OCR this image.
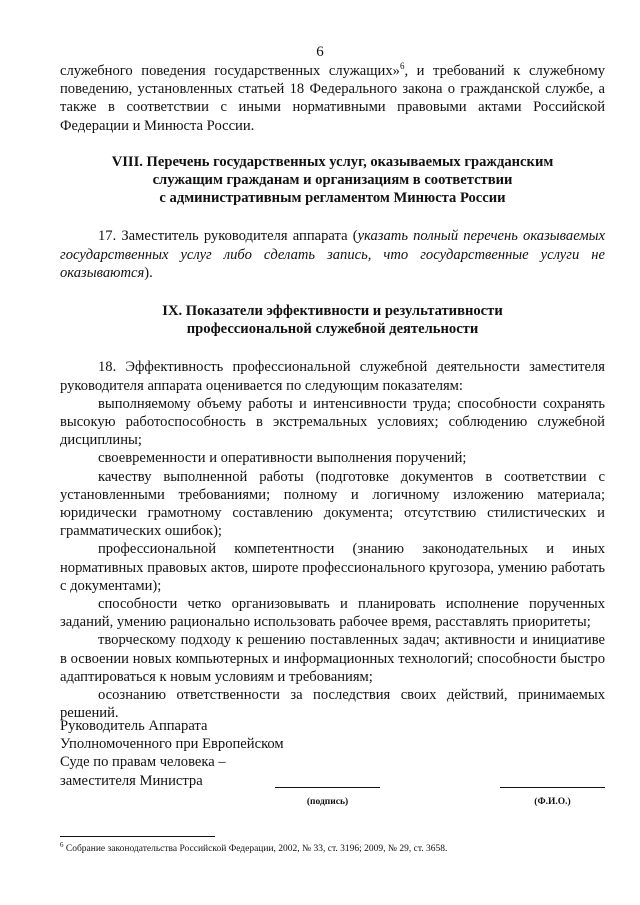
6

служебного поведения государственных служащих»$^6$, и требований к служебному поведению, установленных статьей 18 Федерального закона о гражданской службе, а также в соответствии с иными нормативными правовыми актами Российской Федерации и Минюста России.

VIII. Перечень государственных услуг, оказываемых гражданским

служащим гражданам и организациям в соответствии

с административным регламентом Минюста России

17. Заместитель руководителя аппарата (указать полный перечень оказываемых государственных услуг либо сделать запись, что государственные услуги не оказываются).

IX. Показатели эффективности и результативности

профессиональной служебной деятельности

18. Эффективность профессиональной служебной деятельности заместителя руководителя аппарата оценивается по следующим показателям:

выполняемому объему работы и интенсивности труда; способности сохранять высокую работоспособность в экстремальных условиях; соблюдению служебной дисциплины;

своевременности и оперативности выполнения поручений;

качеству выполненной работы (подготовке документов в соответствии с установленными требованиями; полному и логичному изложению материала; юридически грамотному составлению документа; отсутствию стилистических и грамматических ошибок);

профессиональной компетентности (знанию законодательных и иных нормативных правовых актов, широте профессионального кругозора, умению работать с документами);

способности четко организовывать и планировать исполнение порученных заданий, умению рационально использовать рабочее время, расставлять приоритеты;

творческому подходу к решению поставленных задач; активности и инициативе в освоении новых компьютерных и информационных технологий; способности быстро адаптироваться к новым условиям и требованиям;

осознанию ответственности за последствия своих действий, принимаемых решений.

Руководитель Аппарата
Уполномоченного при Европейском
Суде по правам человека –
заместителя Министра
(подпись)	(Ф.И.О.)
$^6$ Собрание законодательства Российской Федерации, 2002, № 33, ст. 3196; 2009, № 29, ст. 3658.
